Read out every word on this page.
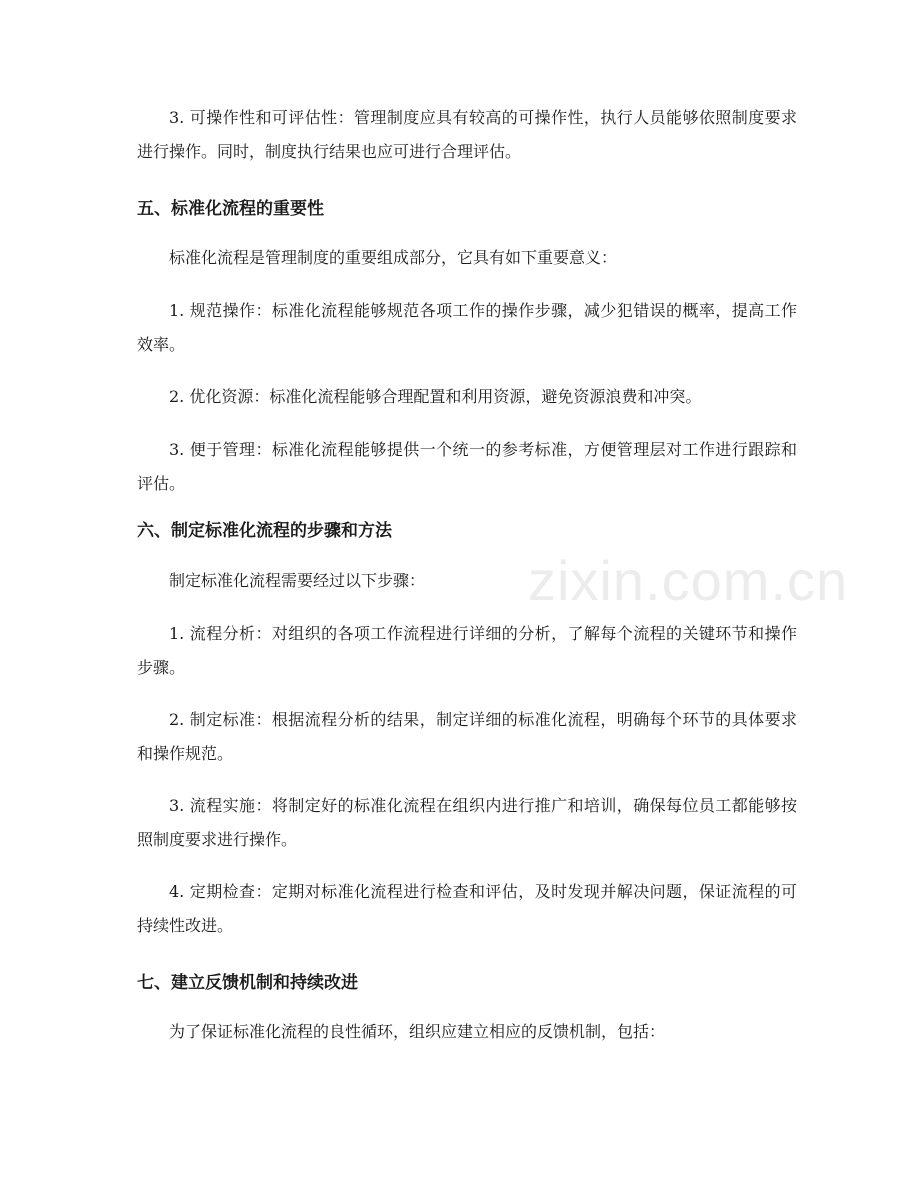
3. 可操作性和可评估性：管理制度应具有较高的可操作性，执行人员能够依照制度要求进行操作。同时，制度执行结果也应可进行合理评估。

五、标准化流程的重要性

标准化流程是管理制度的重要组成部分，它具有如下重要意义：

1. 规范操作：标准化流程能够规范各项工作的操作步骤，减少犯错误的概率，提高工作效率。

2. 优化资源：标准化流程能够合理配置和利用资源，避免资源浪费和冲突。

3. 便于管理：标准化流程能够提供一个统一的参考标准，方便管理层对工作进行跟踪和评估。

六、制定标准化流程的步骤和方法

制定标准化流程需要经过以下步骤：

1. 流程分析：对组织的各项工作流程进行详细的分析，了解每个流程的关键环节和操作步骤。

2. 制定标准：根据流程分析的结果，制定详细的标准化流程，明确每个环节的具体要求和操作规范。

3. 流程实施：将制定好的标准化流程在组织内进行推广和培训，确保每位员工都能够按照制度要求进行操作。

4. 定期检查：定期对标准化流程进行检查和评估，及时发现并解决问题，保证流程的可持续性改进。

七、建立反馈机制和持续改进

为了保证标准化流程的良性循环，组织应建立相应的反馈机制，包括：

zixin.com.cn
